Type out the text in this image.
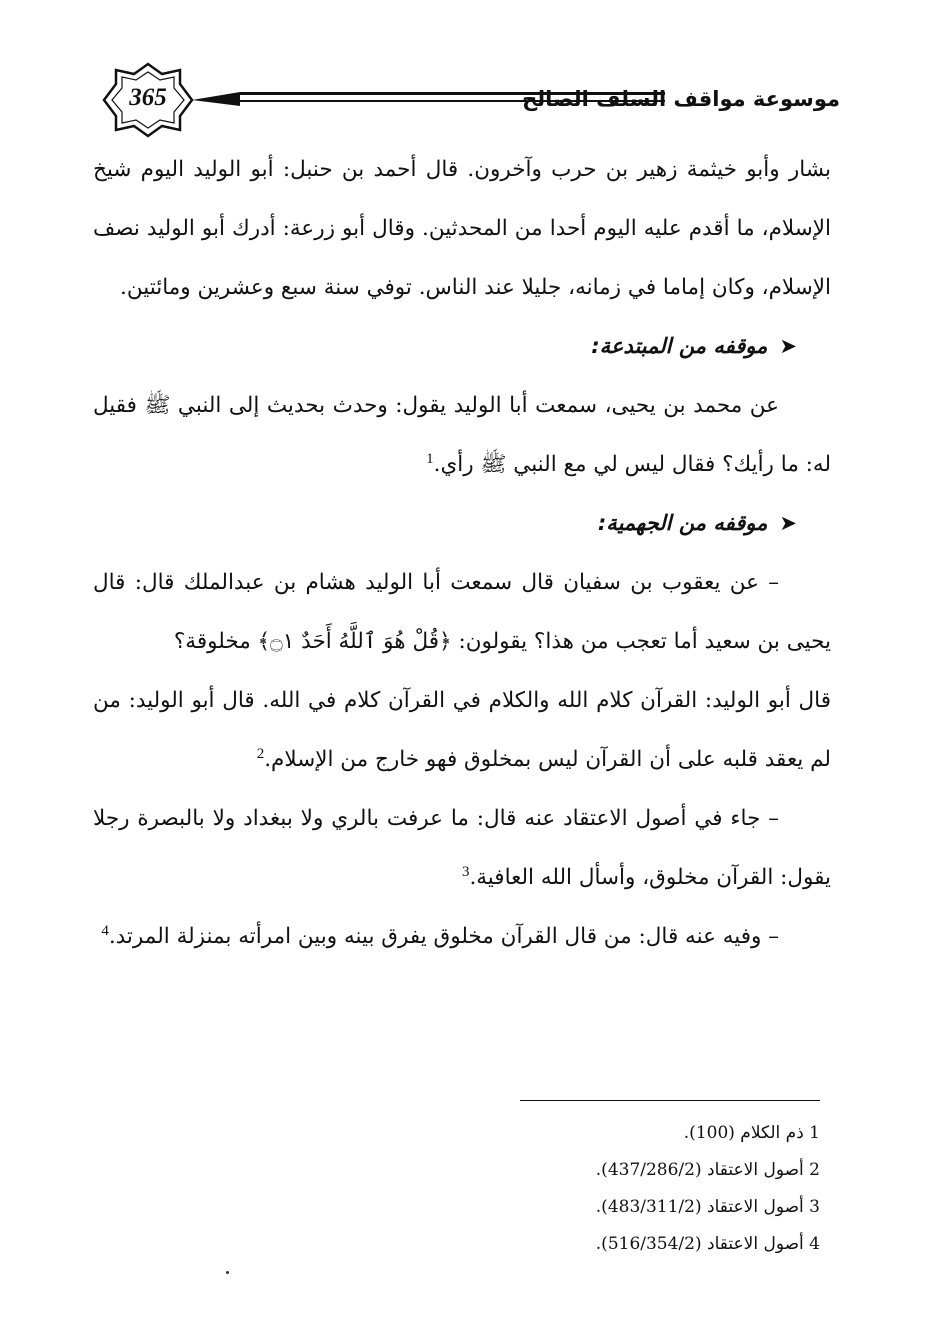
365	موسوعة مواقف السلف الصالح

بشار وأبو خيثمة زهير بن حرب وآخرون. قال أحمد بن حنبل: أبو الوليد اليوم شيخ الإسلام، ما أقدم عليه اليوم أحدا من المحدثين. وقال أبو زرعة: أدرك أبو الوليد نصف الإسلام، وكان إماما في زمانه، جليلا عند الناس. توفي سنة سبع وعشرين ومائتين.

➤موقفه من المبتدعة:

عن محمد بن يحيى، سمعت أبا الوليد يقول: وحدث بحديث إلى النبي ﷺ فقيل له: ما رأيك؟ فقال ليس لي مع النبي ﷺ رأي.$^1$

➤موقفه من الجهمية:

– عن يعقوب بن سفيان قال سمعت أبا الوليد هشام بن عبدالملك قال: قال يحيى بن سعيد أما تعجب من هذا؟ يقولون: ﴿قُلْ هُوَ ٱللَّهُ أَحَدٌ ۝١﴾ مخلوقة؟

قال أبو الوليد: القرآن كلام الله والكلام في القرآن كلام في الله. قال أبو الوليد: من لم يعقد قلبه على أن القرآن ليس بمخلوق فهو خارج من الإسلام.$^2$

– جاء في أصول الاعتقاد عنه قال: ما عرفت بالري ولا ببغداد ولا بالبصرة رجلا يقول: القرآن مخلوق، وأسأل الله العافية.$^3$

– وفيه عنه قال: من قال القرآن مخلوق يفرق بينه وبين امرأته بمنزلة المرتد.$^4$

1 ذم الكلام (100).

2 أصول الاعتقاد (437/286/2).

3 أصول الاعتقاد (483/311/2).

4 أصول الاعتقاد (516/354/2).
